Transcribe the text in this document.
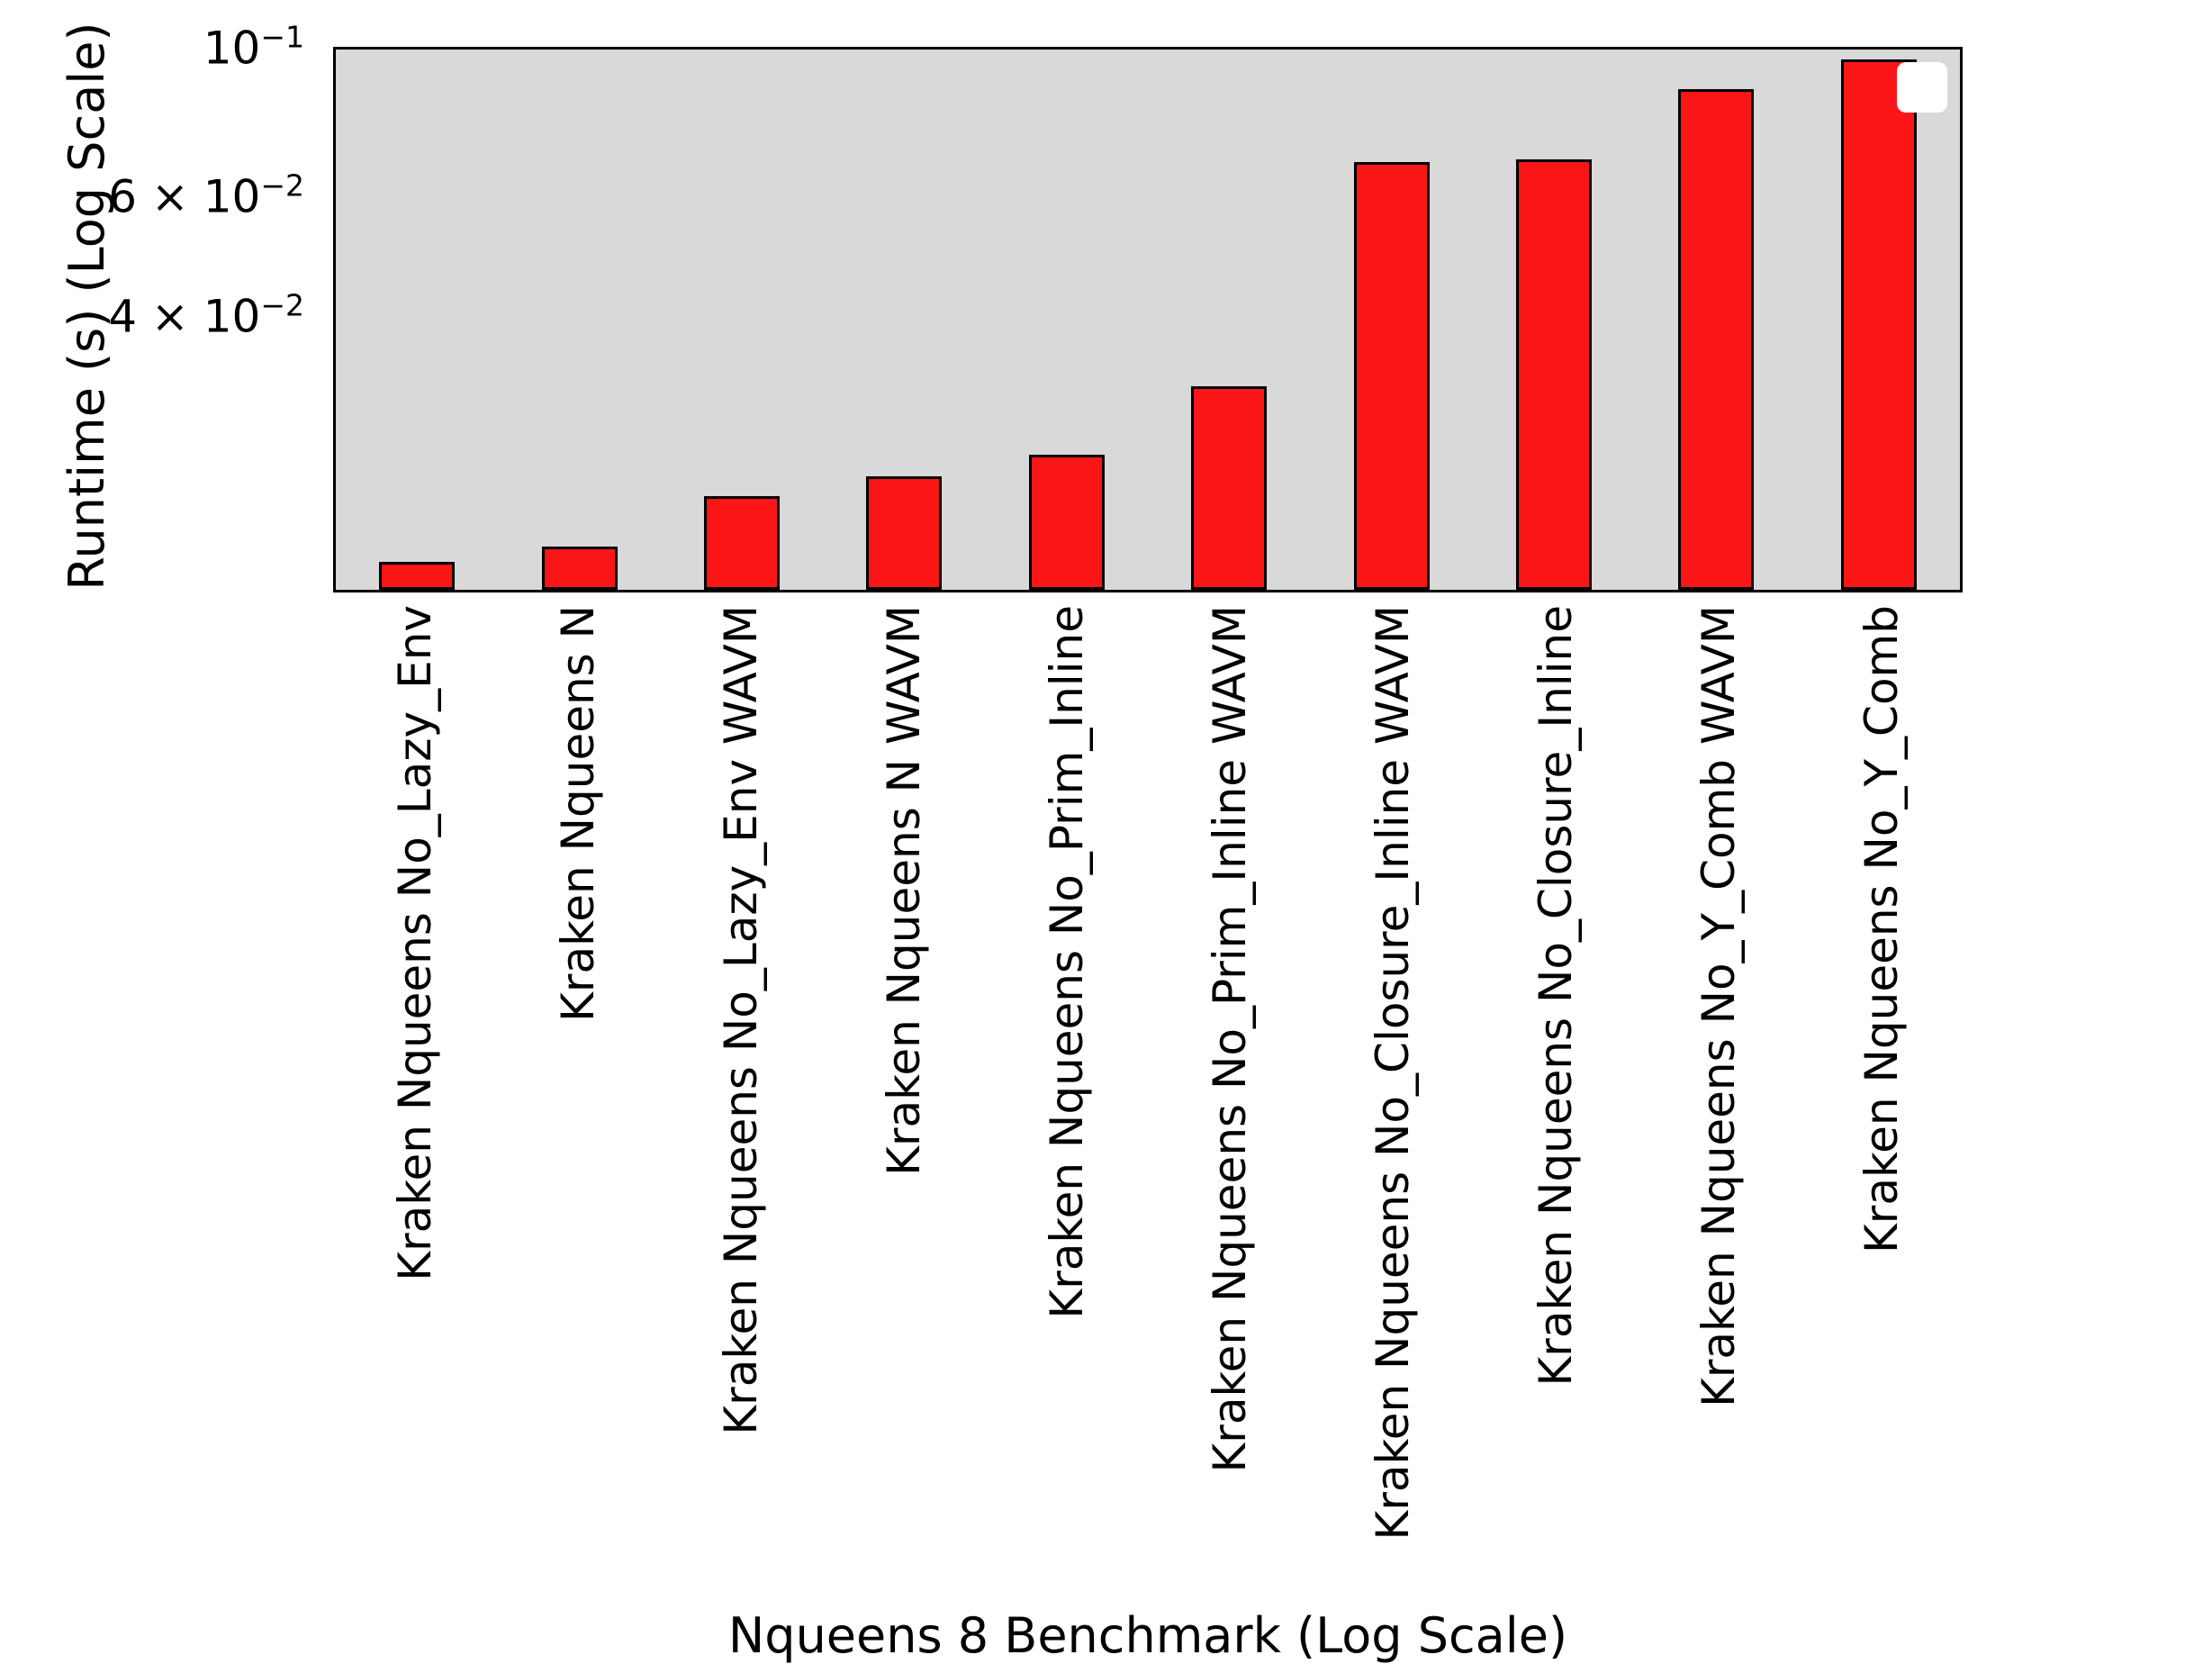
Runtime (s) (Log Scale) $10^{-1}$
$6 \times 10^{-2}$
$4 \times 10^{-2}$
Kraken Nqueens No_Lazy_Env Kraken Nqueens N Kraken Nqueens No_Lazy_Env WAVM Kraken Nqueens N WAVM Kraken Nqueens No_Prim_Inline Kraken Nqueens No_Prim_Inline WAVM Kraken Nqueens No_Closure_Inline WAVM Kraken Nqueens No_Closure_Inline Kraken Nqueens No_Y_Comb WAVM Kraken Nqueens No_Y_Comb
Nqueens 8 Benchmark (Log Scale)
